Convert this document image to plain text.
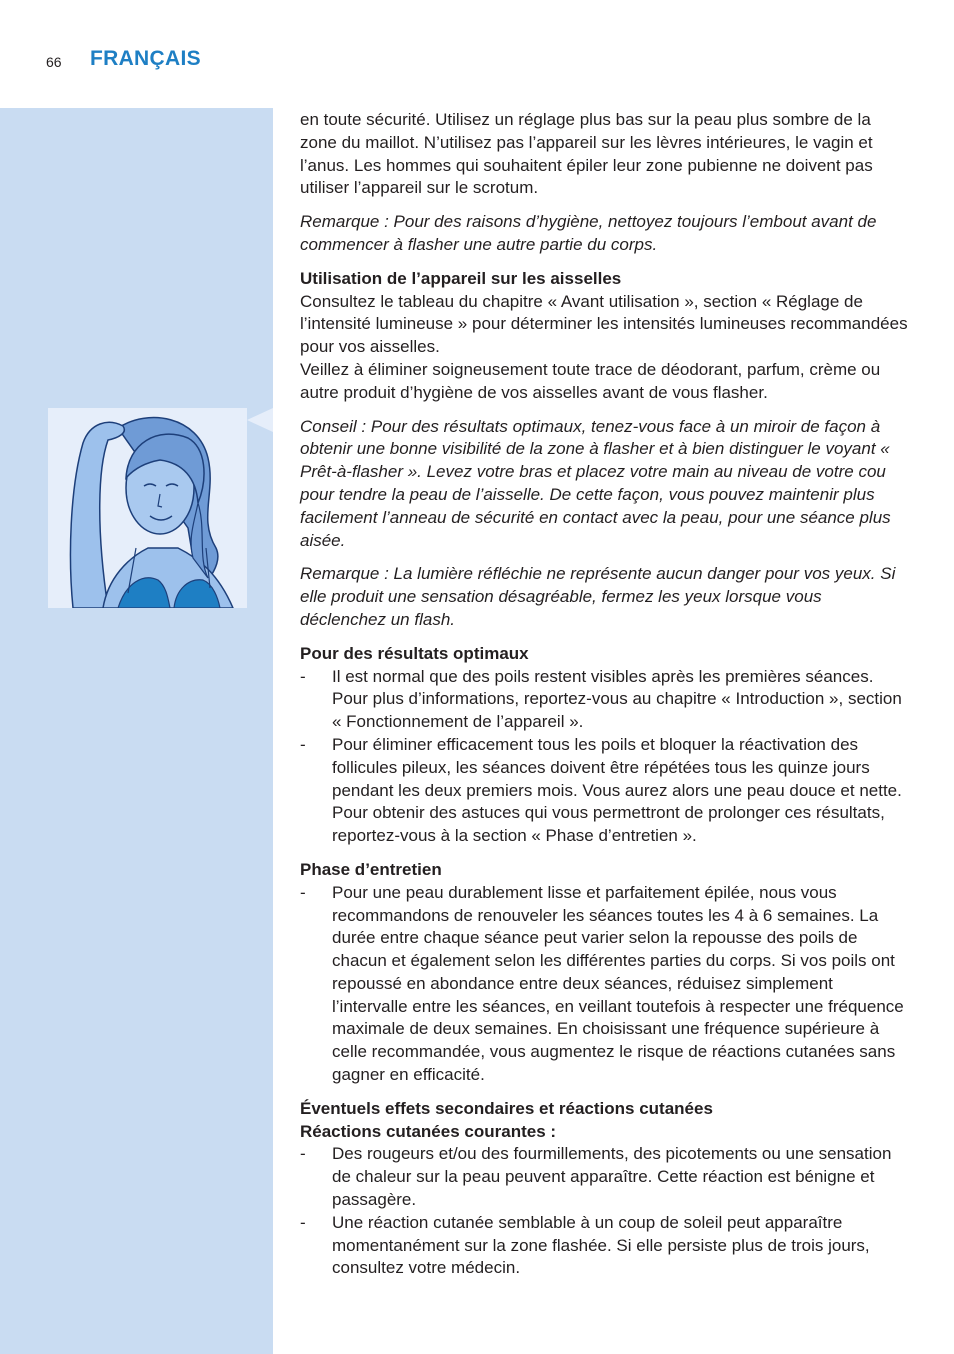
66 FRANÇAIS

en toute sécurité. Utilisez un réglage plus bas sur la peau plus sombre de la zone du maillot. N’utilisez pas l’appareil sur les lèvres intérieures, le vagin et l’anus. Les hommes qui souhaitent épiler leur zone pubienne ne doivent pas utiliser l’appareil sur le scrotum.

Remarque : Pour des raisons d’hygiène, nettoyez toujours l’embout avant de commencer à flasher une autre partie du corps.

Utilisation de l’appareil sur les aisselles

Consultez le tableau du chapitre « Avant utilisation », section « Réglage de l’intensité lumineuse » pour déterminer les intensités lumineuses recommandées pour vos aisselles.

Veillez à éliminer soigneusement toute trace de déodorant, parfum, crème ou autre produit d’hygiène de vos aisselles avant de vous flasher.

Conseil : Pour des résultats optimaux, tenez-vous face à un miroir de façon à obtenir une bonne visibilité de la zone à flasher et à bien distinguer le voyant « Prêt-à-flasher ». Levez votre bras et placez votre main au niveau de votre cou pour tendre la peau de l’aisselle. De cette façon, vous pouvez maintenir plus facilement l’anneau de sécurité en contact avec la peau, pour une séance plus aisée.

Remarque : La lumière réfléchie ne représente aucun danger pour vos yeux. Si elle produit une sensation désagréable, fermez les yeux lorsque vous déclenchez un flash.

Pour des résultats optimaux

- Il est normal que des poils restent visibles après les premières séances. Pour plus d’informations, reportez-vous au chapitre « Introduction », section « Fonctionnement de l’appareil ».
- Pour éliminer efficacement tous les poils et bloquer la réactivation des follicules pileux, les séances doivent être répétées tous les quinze jours pendant les deux premiers mois. Vous aurez alors une peau douce et nette. Pour obtenir des astuces qui vous permettront de prolonger ces résultats, reportez-vous à la section « Phase d’entretien ».

Phase d’entretien

- Pour une peau durablement lisse et parfaitement épilée, nous vous recommandons de renouveler les séances toutes les 4 à 6 semaines. La durée entre chaque séance peut varier selon la repousse des poils de chacun et également selon les différentes parties du corps. Si vos poils ont repoussé en abondance entre deux séances, réduisez simplement l’intervalle entre les séances, en veillant toutefois à respecter une fréquence maximale de deux semaines. En choisissant une fréquence supérieure à celle recommandée, vous augmentez le risque de réactions cutanées sans gagner en efficacité.

Éventuels effets secondaires et réactions cutanées

Réactions cutanées courantes :

- Des rougeurs et/ou des fourmillements, des picotements ou une sensation de chaleur sur la peau peuvent apparaître. Cette réaction est bénigne et passagère.
- Une réaction cutanée semblable à un coup de soleil peut apparaître momentanément sur la zone flashée. Si elle persiste plus de trois jours, consultez votre médecin.
